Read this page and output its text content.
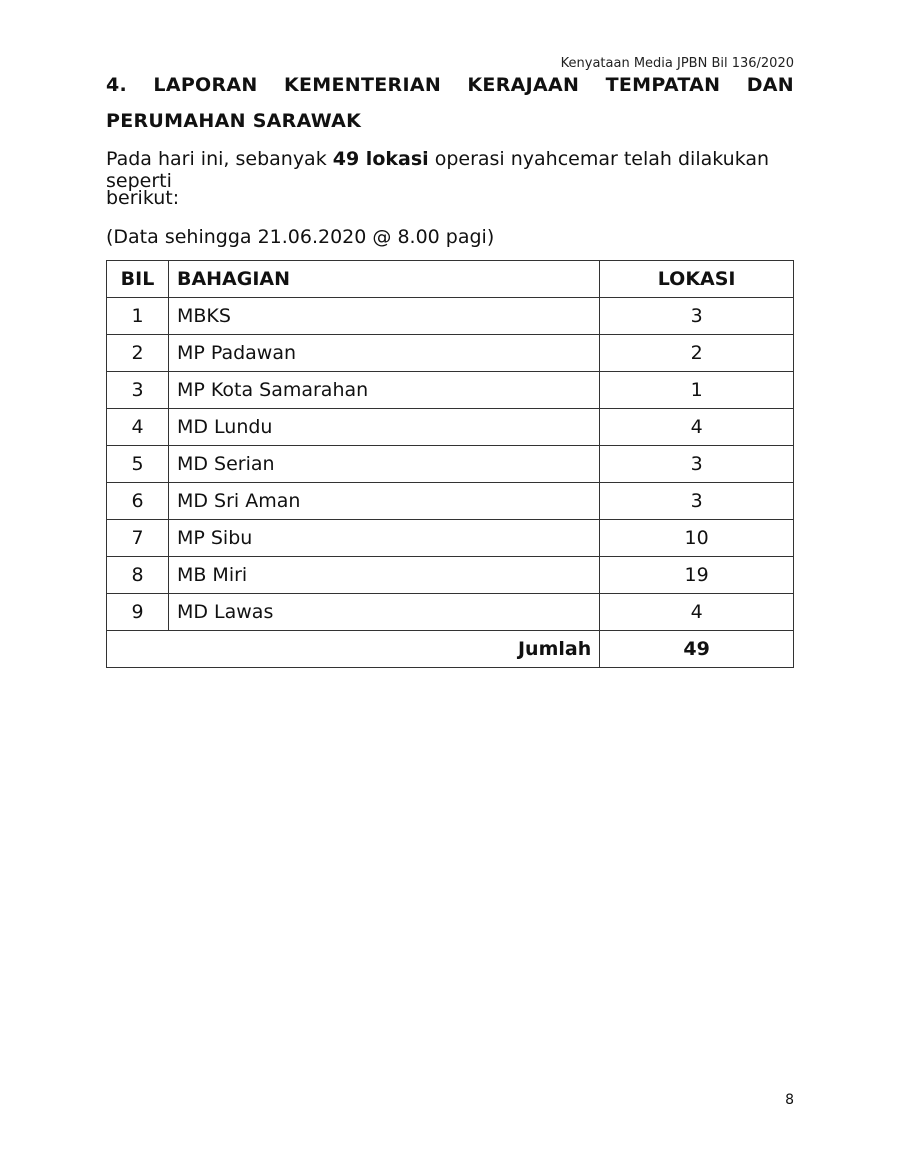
Kenyataan Media JPBN Bil 136/2020
4. LAPORAN KEMENTERIAN KERAJAAN TEMPATAN DAN
PERUMAHAN SARAWAK
Pada hari ini, sebanyak 49 lokasi operasi nyahcemar telah dilakukan seperti
berikut:
(Data sehingga 21.06.2020 @ 8.00 pagi)
BIL	BAHAGIAN	LOKASI
1	MBKS	3
2	MP Padawan	2
3	MP Kota Samarahan	1
4	MD Lundu	4
5	MD Serian	3
6	MD Sri Aman	3
7	MP Sibu	10
8	MB Miri	19
9	MD Lawas	4
Jumlah		49
8
